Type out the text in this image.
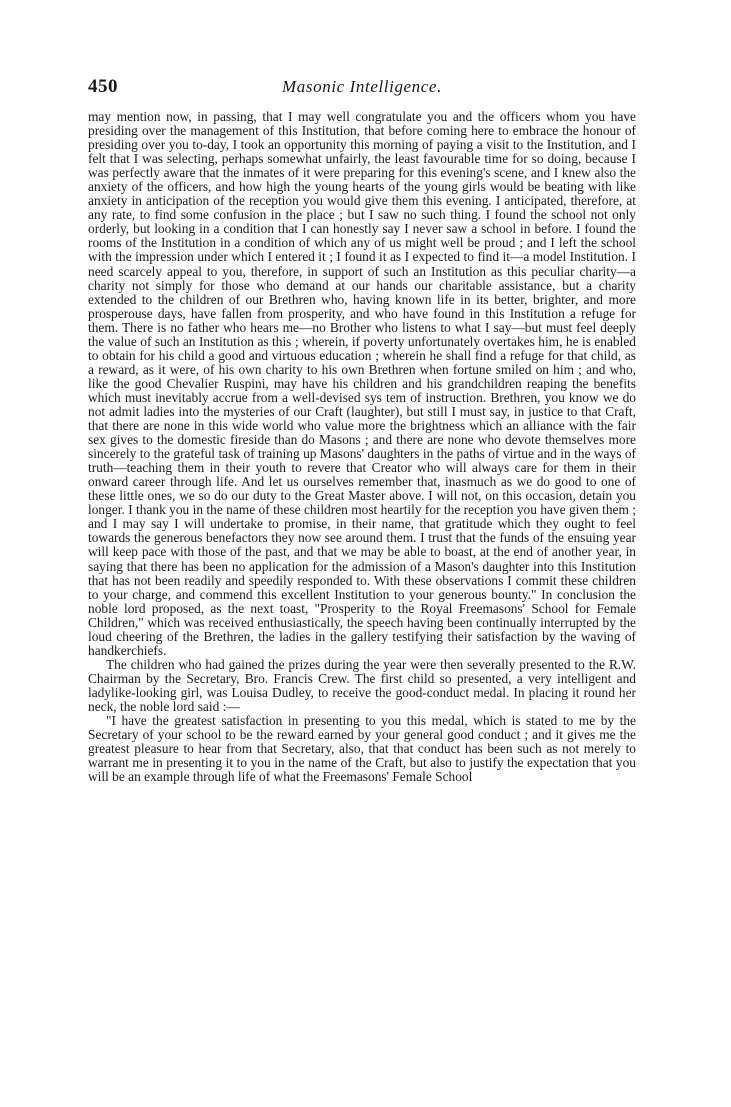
450	Masonic Intelligence.

may mention now, in passing, that I may well congratulate you and the officers whom you have presiding over the management of this Institution, that before coming here to embrace the honour of presiding over you to-day, I took an opportunity this morning of paying a visit to the Institution, and I felt that I was selecting, perhaps somewhat unfairly, the least favourable time for so doing, because I was perfectly aware that the inmates of it were preparing for this evening's scene, and I knew also the anxiety of the officers, and how high the young hearts of the young girls would be beating with like anxiety in anticipation of the reception you would give them this evening. I anticipated, therefore, at any rate, to find some confusion in the place ; but I saw no such thing. I found the school not only orderly, but looking in a condition that I can honestly say I never saw a school in before. I found the rooms of the Institution in a condition of which any of us might well be proud ; and I left the school with the impression under which I entered it ; I found it as I expected to find it—a model Institution. I need scarcely appeal to you, therefore, in support of such an Institution as this peculiar charity—a charity not simply for those who demand at our hands our charitable assistance, but a charity extended to the children of our Brethren who, having known life in its better, brighter, and more prosperouse days, have fallen from prosperity, and who have found in this Institution a refuge for them. There is no father who hears me—no Brother who listens to what I say—but must feel deeply the value of such an Institution as this ; wherein, if poverty unfortunately overtakes him, he is enabled to obtain for his child a good and virtuous education ; wherein he shall find a refuge for that child, as a reward, as it were, of his own charity to his own Brethren when fortune smiled on him ; and who, like the good Chevalier Ruspini, may have his children and his grandchildren reaping the benefits which must inevitably accrue from a well-devised sys tem of instruction. Brethren, you know we do not admit ladies into the mysteries of our Craft (laughter), but still I must say, in justice to that Craft, that there are none in this wide world who value more the brightness which an alliance with the fair sex gives to the domestic fireside than do Masons ; and there are none who devote themselves more sincerely to the grateful task of training up Masons' daughters in the paths of virtue and in the ways of truth—teaching them in their youth to revere that Creator who will always care for them in their onward career through life. And let us ourselves remember that, inasmuch as we do good to one of these little ones, we so do our duty to the Great Master above. I will not, on this occasion, detain you longer. I thank you in the name of these children most heartily for the reception you have given them ; and I may say I will undertake to promise, in their name, that gratitude which they ought to feel towards the generous benefactors they now see around them. I trust that the funds of the ensuing year will keep pace with those of the past, and that we may be able to boast, at the end of another year, in saying that there has been no application for the admission of a Mason's daughter into this Institution that has not been readily and speedily responded to. With these observations I commit these children to your charge, and commend this excellent Institution to your generous bounty." In conclusion the noble lord proposed, as the next toast, "Prosperity to the Royal Freemasons' School for Female Children," which was received enthusiastically, the speech having been continually interrupted by the loud cheering of the Brethren, the ladies in the gallery testifying their satisfaction by the waving of handkerchiefs.

The children who had gained the prizes during the year were then severally presented to the R.W. Chairman by the Secretary, Bro. Francis Crew. The first child so presented, a very intelligent and ladylike-looking girl, was Louisa Dudley, to receive the good-conduct medal. In placing it round her neck, the noble lord said :—

"I have the greatest satisfaction in presenting to you this medal, which is stated to me by the Secretary of your school to be the reward earned by your general good conduct ; and it gives me the greatest pleasure to hear from that Secretary, also, that that conduct has been such as not merely to warrant me in presenting it to you in the name of the Craft, but also to justify the expectation that you will be an example through life of what the Freemasons' Female School
